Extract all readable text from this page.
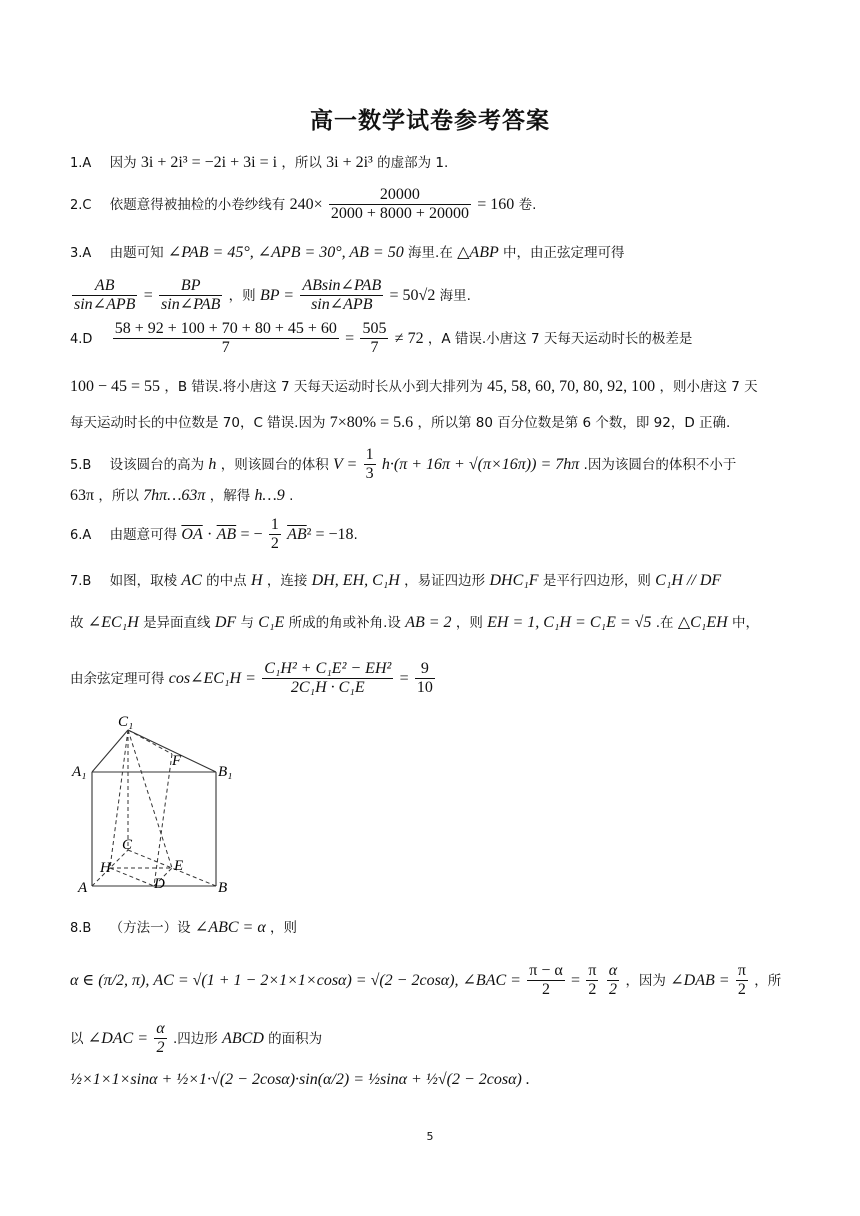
高一数学试卷参考答案
1.A 因为 3i + 2i³ = −2i + 3i = i ，所以 3i + 2i³ 的虚部为 1.
2.C 依题意得被抽检的小卷纱线有 $240\times \frac{20000}{2000 + 8000 + 20000} = 160$ 卷.
3.A 由题可知 ∠PAB = 45°, ∠APB = 30°, AB = 50 海里.在 △ABP 中，由正弦定理可得
$\frac{AB}{\text{sin∠APB}} = \frac{BP}{\text{sin∠PAB}}$ ，则 BP = $\frac{\text{ABsin∠PAB}}{\text{sin∠APB}} = 50√2$ 海里.
$4.D \frac{58 + 92 + 100 + 70 + 80 + 45 + 60}{7} = \frac{505}{7} \ne 72$ ，A 错误.小唐这 7 天每天运动时长的极差是
100 − 45 = 55 ，B 错误.将小唐这 7 天每天运动时长从小到大排列为 45, 58, 60, 70, 80, 92, 100 ，则小唐这 7 天
每天运动时长的中位数是 70，C 错误.因为 7×80% = 5.6 ，所以第 80 百分位数是第 6 个数，即 92，D 正确.
5.B 设该圆台的高为 h ，则该圆台的体积 $V = \frac{1}{3} h\cdot(\pi + 16\pi + √(\pi\times 16\pi)) = 7h\pi$ .因为该圆台的体积不小于
63π ，所以 7hπ…63π ，解得 h…9 .
6.A 由题意可得 $\overline{OA} \cdot \overline{AB}$ = − $\frac{1}{2} \overline{AB}^2 = -18$.
7.B 如图，取棱 AC 的中点 H ，连接 DH, EH, C₁H ，易证四边形 DHC₁F 是平行四边形，则 C₁H // DF
故 ∠EC₁H 是异面直线 DF 与 C₁E 所成的角或补角.设 AB = 2 ，则 EH = 1, C₁H = C₁E = √5 .在 △C₁EH 中，
由余弦定理可得 cos∠EC₁H = $\frac{\text{C₁H² + C₁E² − EH²}}{\text{2C₁H · C₁E}} = \frac{9}{10}$
C₁
A₁	B₁
F
C
H	E
A	D	B
8.B （方法一）设 ∠ABC = α ，则
α ∈ (π/2, π), AC = √(1 + 1 − 2×1×1×cosα) = √(2 − 2cosα), ∠BAC = $\frac{\pi - \alpha}{2} = \frac{\pi}{2}$
$\frac{\alpha}{2}$ ，因为 ∠DAB = $\frac{\pi}{2}$ ，所
以 ∠DAC = $\frac{\alpha}{2}$ .四边形 ABCD 的面积为
½×1×1×sinα + ½×1·√(2 − 2cosα)·sin(α/2) = ½sinα + ½√(2 − 2cosα) .
5
